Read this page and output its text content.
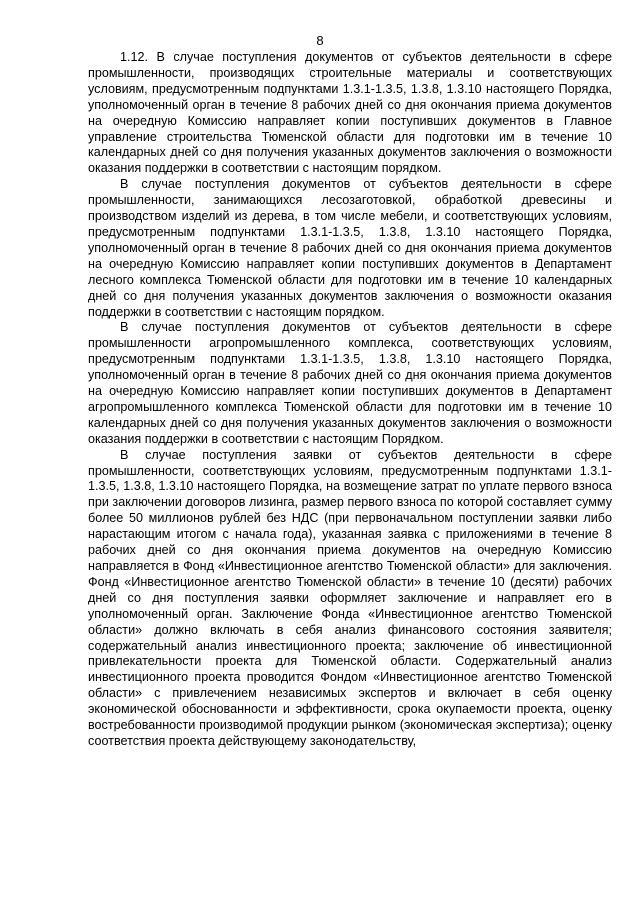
8

1.12. В случае поступления документов от субъектов деятельности в сфере промышленности, производящих строительные материалы и соответствующих условиям, предусмотренным подпунктами 1.3.1-1.3.5, 1.3.8, 1.3.10 настоящего Порядка, уполномоченный орган в течение 8 рабочих дней со дня окончания приема документов на очередную Комиссию направляет копии поступивших документов в Главное управление строительства Тюменской области для подготовки им в течение 10 календарных дней со дня получения указанных документов заключения о возможности оказания поддержки в соответствии с настоящим порядком.

В случае поступления документов от субъектов деятельности в сфере промышленности, занимающихся лесозаготовкой, обработкой древесины и производством изделий из дерева, в том числе мебели, и соответствующих условиям, предусмотренным подпунктами 1.3.1-1.3.5, 1.3.8, 1.3.10 настоящего Порядка, уполномоченный орган в течение 8 рабочих дней со дня окончания приема документов на очередную Комиссию направляет копии поступивших документов в Департамент лесного комплекса Тюменской области для подготовки им в течение 10 календарных дней со дня получения указанных документов заключения о возможности оказания поддержки в соответствии с настоящим порядком.

В случае поступления документов от субъектов деятельности в сфере промышленности агропромышленного комплекса, соответствующих условиям, предусмотренным подпунктами 1.3.1-1.3.5, 1.3.8, 1.3.10 настоящего Порядка, уполномоченный орган в течение 8 рабочих дней со дня окончания приема документов на очередную Комиссию направляет копии поступивших документов в Департамент агропромышленного комплекса Тюменской области для подготовки им в течение 10 календарных дней со дня получения указанных документов заключения о возможности оказания поддержки в соответствии с настоящим Порядком.

В случае поступления заявки от субъектов деятельности в сфере промышленности, соответствующих условиям, предусмотренным подпунктами 1.3.1-1.3.5, 1.3.8, 1.3.10 настоящего Порядка, на возмещение затрат по уплате первого взноса при заключении договоров лизинга, размер первого взноса по которой составляет сумму более 50 миллионов рублей без НДС (при первоначальном поступлении заявки либо нарастающим итогом с начала года), указанная заявка с приложениями в течение 8 рабочих дней со дня окончания приема документов на очередную Комиссию направляется в Фонд «Инвестиционное агентство Тюменской области» для заключения. Фонд «Инвестиционное агентство Тюменской области» в течение 10 (десяти) рабочих дней со дня поступления заявки оформляет заключение и направляет его в уполномоченный орган. Заключение Фонда «Инвестиционное агентство Тюменской области» должно включать в себя анализ финансового состояния заявителя; содержательный анализ инвестиционного проекта; заключение об инвестиционной привлекательности проекта для Тюменской области. Содержательный анализ инвестиционного проекта проводится Фондом «Инвестиционное агентство Тюменской области» с привлечением независимых экспертов и включает в себя оценку экономической обоснованности и эффективности, срока окупаемости проекта, оценку востребованности производимой продукции рынком (экономическая экспертиза); оценку соответствия проекта действующему законодательству,
